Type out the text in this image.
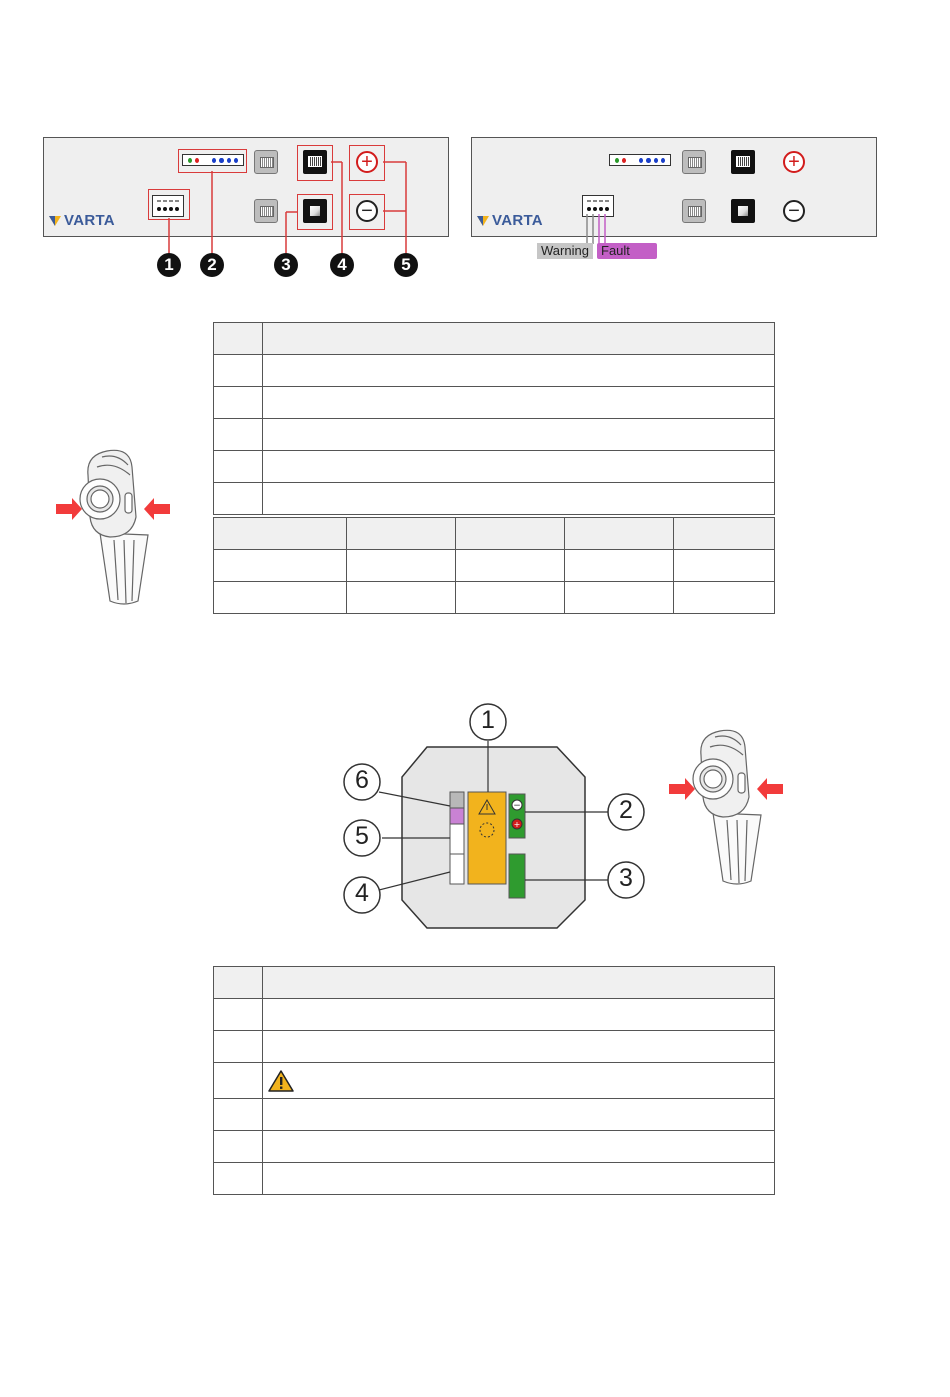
VARTA
+
−
1	2	3	4	5
VARTA
+
−
Warning Fault

−
+
1
2
3
4
5
6
